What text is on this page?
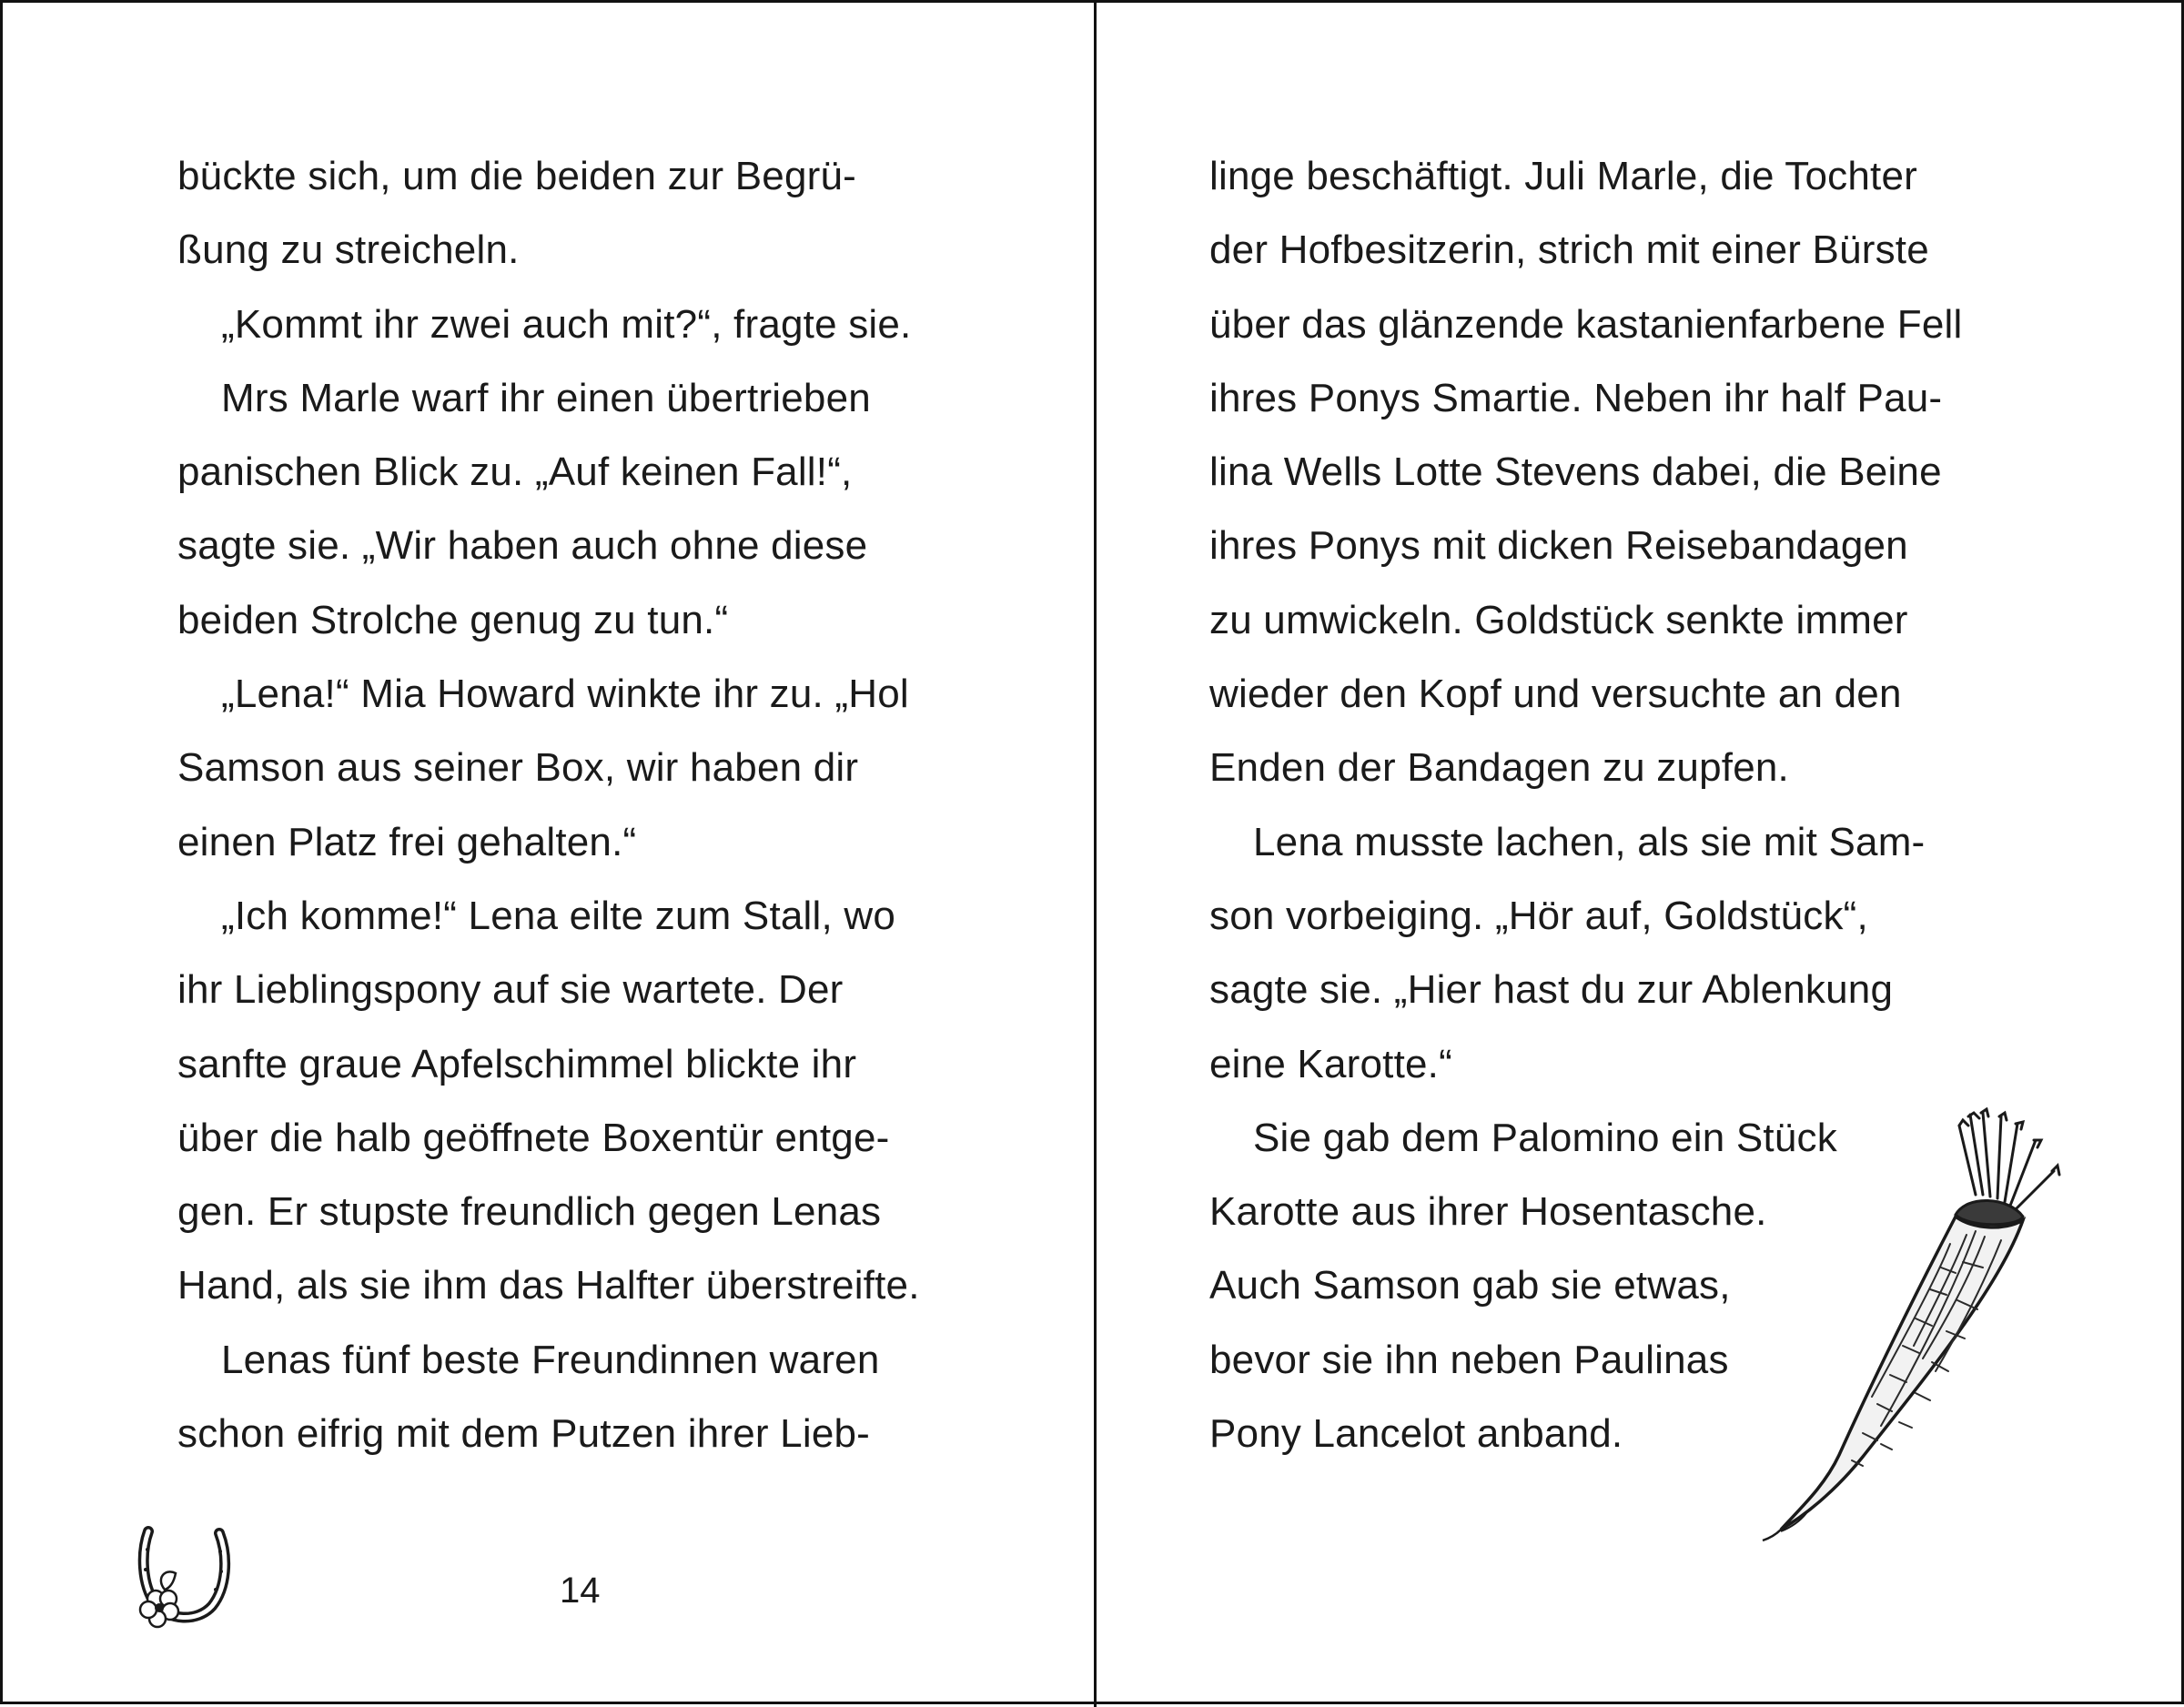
bückte sich, um die beiden zur Begrü-
ßung zu streicheln.
„Kommt ihr zwei auch mit?“, fragte sie.
Mrs Marle warf ihr einen übertrieben
panischen Blick zu. „Auf keinen Fall!“,
sagte sie. „Wir haben auch ohne diese
beiden Strolche genug zu tun.“
„Lena!“ Mia Howard winkte ihr zu. „Hol
Samson aus seiner Box, wir haben dir
einen Platz frei gehalten.“
„Ich komme!“ Lena eilte zum Stall, wo
ihr Lieblingspony auf sie wartete. Der
sanfte graue Apfelschimmel blickte ihr
über die halb geöffnete Boxentür entge-
gen. Er stupste freundlich gegen Lenas
Hand, als sie ihm das Halfter überstreifte.
Lenas fünf beste Freundinnen waren
schon eifrig mit dem Putzen ihrer Lieb-
14
linge beschäftigt. Juli Marle, die Tochter
der Hofbesitzerin, strich mit einer Bürste
über das glänzende kastanienfarbene Fell
ihres Ponys Smartie. Neben ihr half Pau-
lina Wells Lotte Stevens dabei, die Beine
ihres Ponys mit dicken Reisebandagen
zu umwickeln. Goldstück senkte immer
wieder den Kopf und versuchte an den
Enden der Bandagen zu zupfen.
Lena musste lachen, als sie mit Sam-
son vorbeiging. „Hör auf, Goldstück“,
sagte sie. „Hier hast du zur Ablenkung
eine Karotte.“
Sie gab dem Palomino ein Stück
Karotte aus ihrer Hosentasche.
Auch Samson gab sie etwas,
bevor sie ihn neben Paulinas
Pony Lancelot anband.
